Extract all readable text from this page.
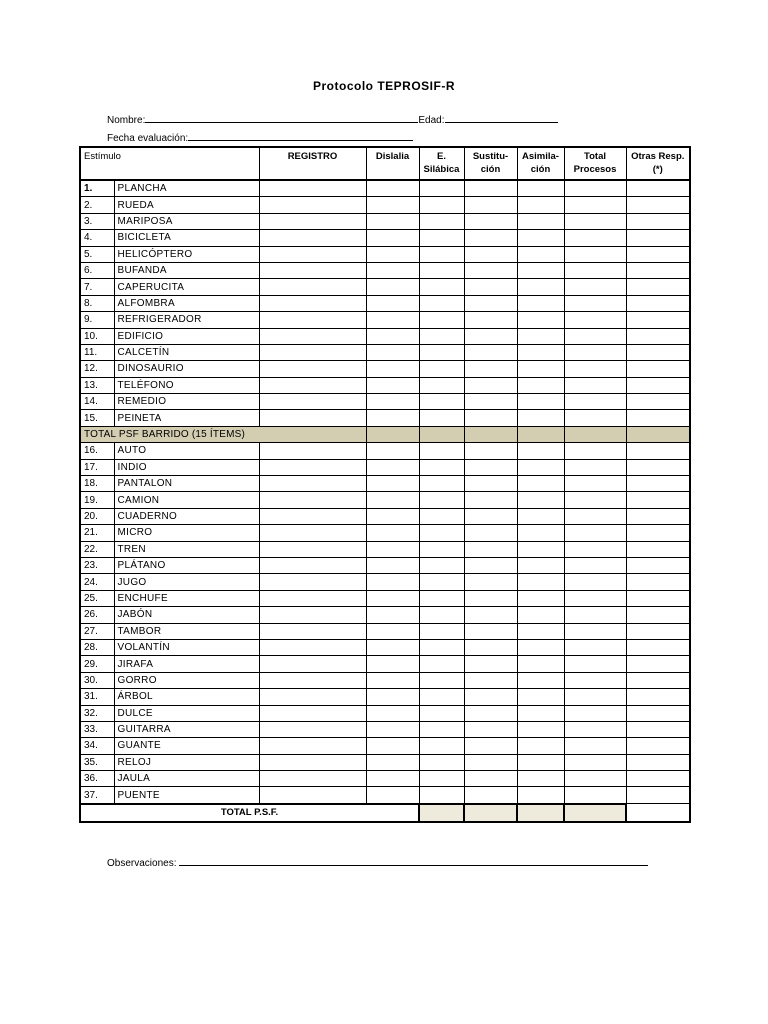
Protocolo TEPROSIF-R
Nombre:	Edad:
Fecha evaluación:
Estímulo		REGISTRO	Dislalia	E. Silábica	Sustitu-ción	Asimila-ción	Total Procesos	Otras Resp. (*)
1.	PLANCHA							
2.	RUEDA							
3.	MARIPOSA							
4.	BICICLETA							
5.	HELICÓPTERO							
6.	BUFANDA							
7.	CAPERUCITA							
8.	ALFOMBRA							
9.	REFRIGERADOR							
10.	EDIFICIO							
11.	CALCETÍN							
12.	DINOSAURIO							
13.	TELÉFONO							
14.	REMEDIO							
15.	PEINETA							
TOTAL PSF BARRIDO (15 ÍTEMS)								
16.	AUTO							
17.	INDIO							
18.	PANTALON							
19.	CAMION							
20.	CUADERNO							
21.	MICRO							
22.	TREN							
23.	PLÁTANO							
24.	JUGO							
25.	ENCHUFE							
26.	JABÓN							
27.	TAMBOR							
28.	VOLANTÍN							
29.	JIRAFA							
30.	GORRO							
31.	ÁRBOL							
32.	DULCE							
33.	GUITARRA							
34.	GUANTE							
35.	RELOJ							
36.	JAULA							
37.	PUENTE							
TOTAL P.S.F.								
Observaciones:
